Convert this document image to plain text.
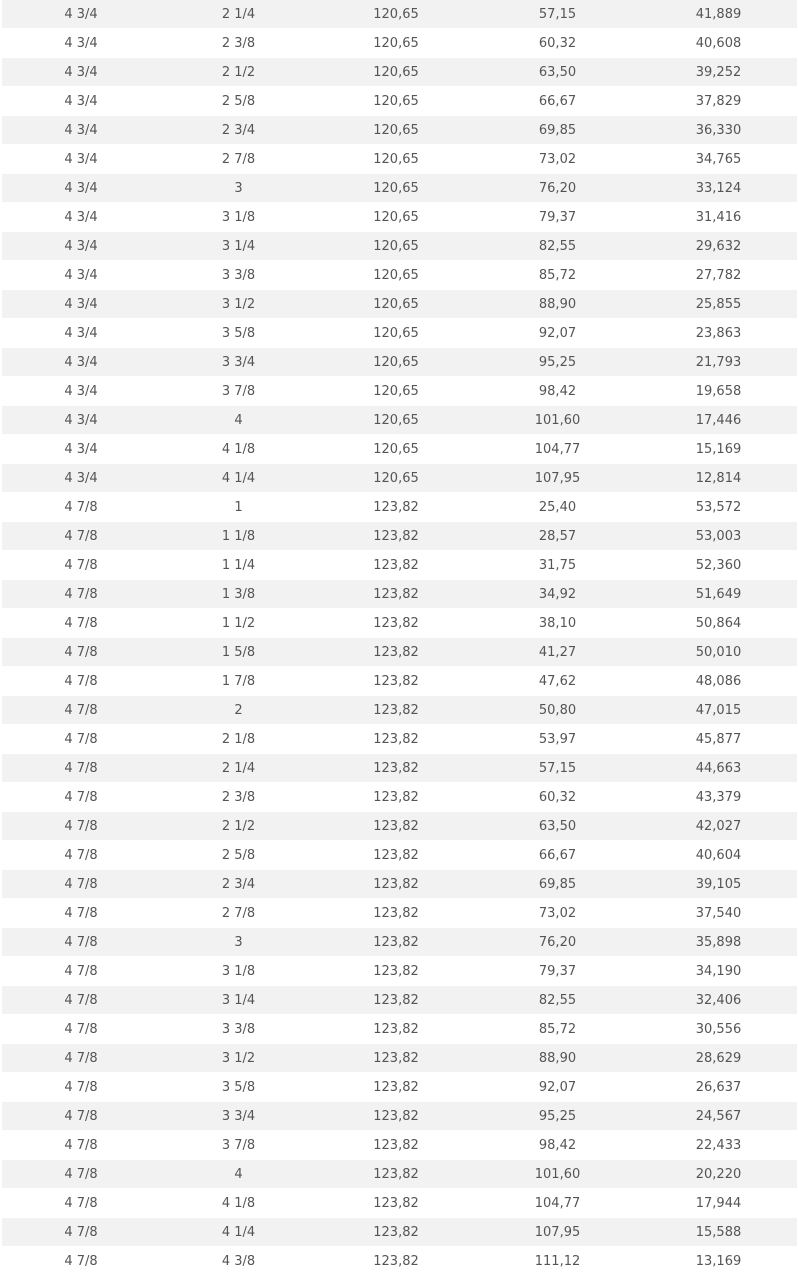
4 3/4	2 1/4	120,65	57,15	41,889
4 3/4	2 3/8	120,65	60,32	40,608
4 3/4	2 1/2	120,65	63,50	39,252
4 3/4	2 5/8	120,65	66,67	37,829
4 3/4	2 3/4	120,65	69,85	36,330
4 3/4	2 7/8	120,65	73,02	34,765
4 3/4	3	120,65	76,20	33,124
4 3/4	3 1/8	120,65	79,37	31,416
4 3/4	3 1/4	120,65	82,55	29,632
4 3/4	3 3/8	120,65	85,72	27,782
4 3/4	3 1/2	120,65	88,90	25,855
4 3/4	3 5/8	120,65	92,07	23,863
4 3/4	3 3/4	120,65	95,25	21,793
4 3/4	3 7/8	120,65	98,42	19,658
4 3/4	4	120,65	101,60	17,446
4 3/4	4 1/8	120,65	104,77	15,169
4 3/4	4 1/4	120,65	107,95	12,814
4 7/8	1	123,82	25,40	53,572
4 7/8	1 1/8	123,82	28,57	53,003
4 7/8	1 1/4	123,82	31,75	52,360
4 7/8	1 3/8	123,82	34,92	51,649
4 7/8	1 1/2	123,82	38,10	50,864
4 7/8	1 5/8	123,82	41,27	50,010
4 7/8	1 7/8	123,82	47,62	48,086
4 7/8	2	123,82	50,80	47,015
4 7/8	2 1/8	123,82	53,97	45,877
4 7/8	2 1/4	123,82	57,15	44,663
4 7/8	2 3/8	123,82	60,32	43,379
4 7/8	2 1/2	123,82	63,50	42,027
4 7/8	2 5/8	123,82	66,67	40,604
4 7/8	2 3/4	123,82	69,85	39,105
4 7/8	2 7/8	123,82	73,02	37,540
4 7/8	3	123,82	76,20	35,898
4 7/8	3 1/8	123,82	79,37	34,190
4 7/8	3 1/4	123,82	82,55	32,406
4 7/8	3 3/8	123,82	85,72	30,556
4 7/8	3 1/2	123,82	88,90	28,629
4 7/8	3 5/8	123,82	92,07	26,637
4 7/8	3 3/4	123,82	95,25	24,567
4 7/8	3 7/8	123,82	98,42	22,433
4 7/8	4	123,82	101,60	20,220
4 7/8	4 1/8	123,82	104,77	17,944
4 7/8	4 1/4	123,82	107,95	15,588
4 7/8	4 3/8	123,82	111,12	13,169
